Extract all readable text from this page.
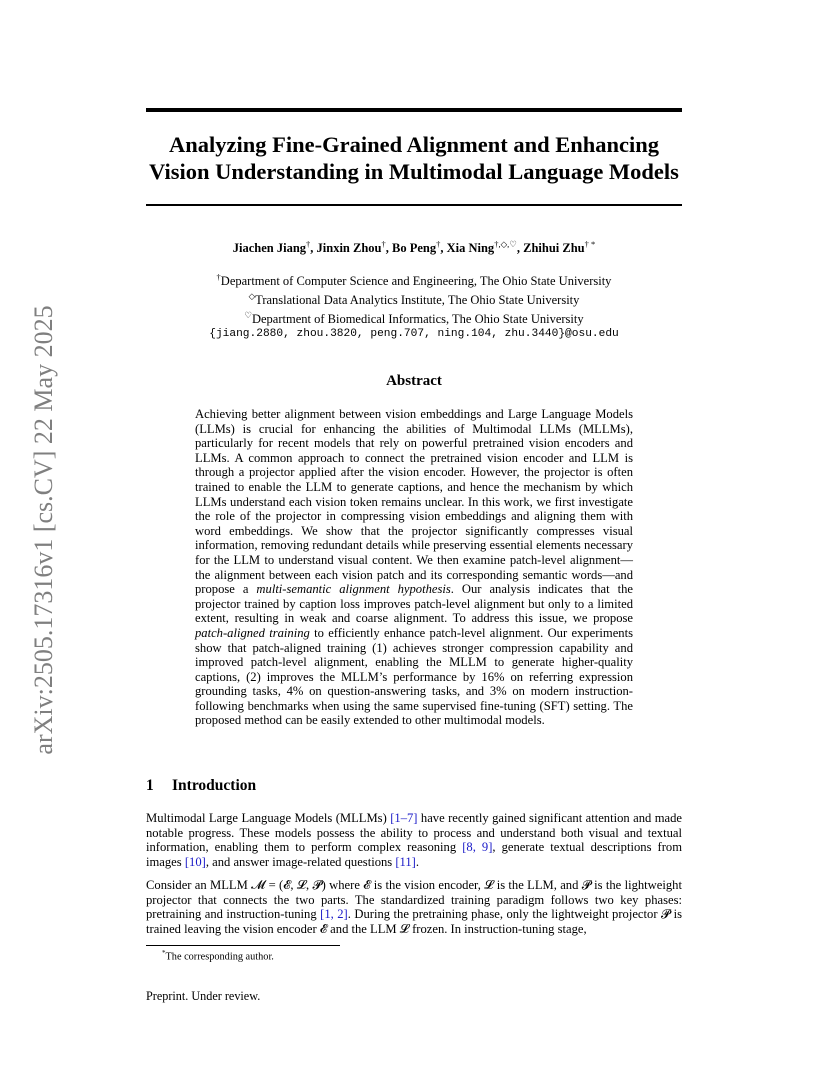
arXiv:2505.17316v1 [cs.CV] 22 May 2025
Analyzing Fine-Grained Alignment and Enhancing
Vision Understanding in Multimodal Language Models
Jiachen Jiang†, Jinxin Zhou†, Bo Peng†, Xia Ning†,◇,♡, Zhihui Zhu† *
†Department of Computer Science and Engineering, The Ohio State University
◇Translational Data Analytics Institute, The Ohio State University
♡Department of Biomedical Informatics, The Ohio State University
{jiang.2880, zhou.3820, peng.707, ning.104, zhu.3440}@osu.edu
Abstract
Achieving better alignment between vision embeddings and Large Language Models (LLMs) is crucial for enhancing the abilities of Multimodal LLMs (MLLMs), particularly for recent models that rely on powerful pretrained vision encoders and LLMs. A common approach to connect the pretrained vision encoder and LLM is through a projector applied after the vision encoder. However, the projector is often trained to enable the LLM to generate captions, and hence the mechanism by which LLMs understand each vision token remains unclear. In this work, we first investigate the role of the projector in compressing vision embeddings and aligning them with word embeddings. We show that the projector significantly compresses visual information, removing redundant details while preserving essential elements necessary for the LLM to understand visual content. We then examine patch-level alignment—the alignment between each vision patch and its corresponding semantic words—and propose a multi-semantic alignment hypothesis. Our analysis indicates that the projector trained by caption loss improves patch-level alignment but only to a limited extent, resulting in weak and coarse alignment. To address this issue, we propose patch-aligned training to efficiently enhance patch-level alignment. Our experiments show that patch-aligned training (1) achieves stronger compression capability and improved patch-level alignment, enabling the MLLM to generate higher-quality captions, (2) improves the MLLM’s performance by 16% on referring expression grounding tasks, 4% on question-answering tasks, and 3% on modern instruction-following benchmarks when using the same supervised fine-tuning (SFT) setting. The proposed method can be easily extended to other multimodal models.
1 Introduction
Multimodal Large Language Models (MLLMs) [1–7] have recently gained significant attention and made notable progress. These models possess the ability to process and understand both visual and textual information, enabling them to perform complex reasoning [8, 9], generate textual descriptions from images [10], and answer image-related questions [11].
Consider an MLLM 𝓜 = (𝓔, 𝓛, 𝓟) where 𝓔 is the vision encoder, 𝓛 is the LLM, and 𝓟 is the lightweight projector that connects the two parts. The standardized training paradigm follows two key phases: pretraining and instruction-tuning [1, 2]. During the pretraining phase, only the lightweight projector 𝓟 is trained leaving the vision encoder 𝓔 and the LLM 𝓛 frozen. In instruction-tuning stage,
*The corresponding author.
Preprint. Under review.
